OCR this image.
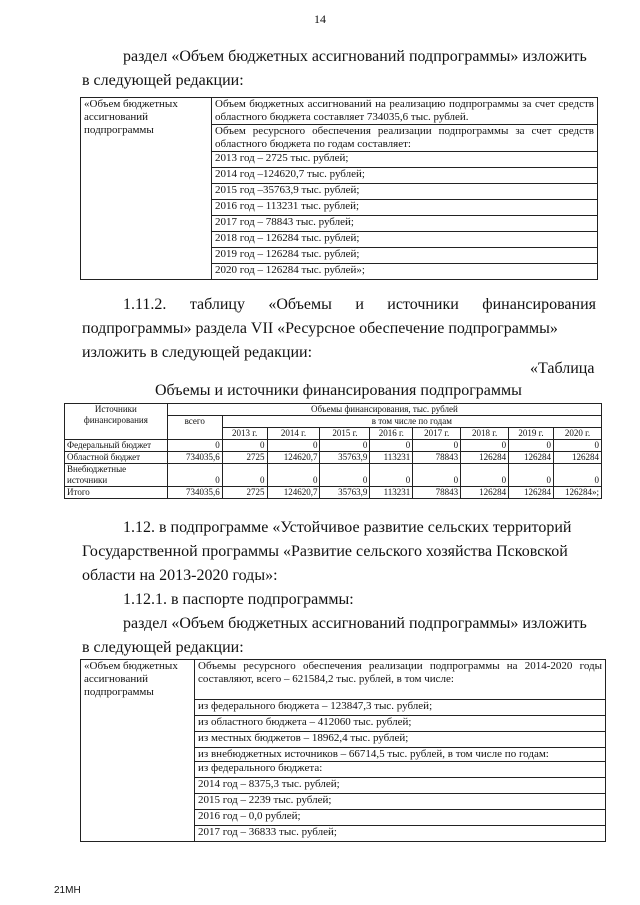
14
раздел «Объем бюджетных ассигнований подпрограммы» изложить
в следующей редакции:
«Объем бюджетных ассигнований подпрограммы	Объем бюджетных ассигнований на реализацию подпрограммы за счет средств областного бюджета составляет 734035,6 тыс. рублей.
	Объем ресурсного обеспечения реализации подпрограммы за счет средств областного бюджета по годам составляет:
	2013 год – 2725 тыс. рублей;
	2014 год –124620,7 тыс. рублей;
	2015 год –35763,9 тыс. рублей;
	2016 год – 113231 тыс. рублей;
	2017 год – 78843 тыс. рублей;
	2018 год – 126284 тыс. рублей;
	2019 год – 126284 тыс. рублей;
	2020 год – 126284 тыс. рублей»;
1.11.2. таблицу «Объемы и источники финансирования
подпрограммы» раздела VII «Ресурсное обеспечение подпрограммы»
изложить в следующей редакции:
«Таблица
Объемы и источники финансирования подпрограммы
Источники финансирования	Объемы финансирования, тыс. рублей								
	всего	в том числе по годам							
		2013 г.	2014 г.	2015 г.	2016 г.	2017 г.	2018 г.	2019 г.	2020 г.
Федеральный бюджет	0	0	0	0	0	0	0	0	0
Областной бюджет	734035,6	2725	124620,7	35763,9	113231	78843	126284	126284	126284
Внебюджетные источники	0	0	0	0	0	0	0	0	0
Итого	734035,6	2725	124620,7	35763,9	113231	78843	126284	126284	126284»;
1.12. в подпрограмме «Устойчивое развитие сельских территорий
Государственной программы «Развитие сельского хозяйства Псковской
области на 2013-2020 годы»:
1.12.1. в паспорте подпрограммы:
раздел «Объем бюджетных ассигнований подпрограммы» изложить
в следующей редакции:
«Объем бюджетных ассигнований подпрограммы	Объемы ресурсного обеспечения реализации подпрограммы на 2014-2020 годы составляют, всего – 621584,2 тыс. рублей, в том числе:
	из федерального бюджета – 123847,3 тыс. рублей;
	из областного бюджета – 412060 тыс. рублей;
	из местных бюджетов – 18962,4 тыс. рублей;
	из внебюджетных источников – 66714,5 тыс. рублей, в том числе по годам:
	из федерального бюджета:
	2014 год – 8375,3 тыс. рублей;
	2015 год – 2239 тыс. рублей;
	2016 год – 0,0 рублей;
	2017 год – 36833 тыс. рублей;
21МН
